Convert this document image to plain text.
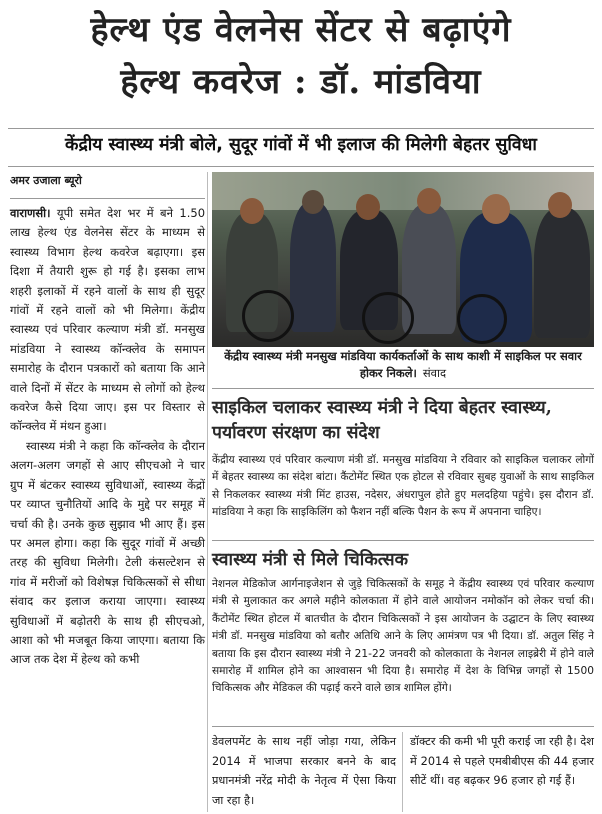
हेल्थ एंड वेलनेस सेंटर से बढ़ाएंगे
हेल्थ कवरेज : डॉ. मांडविया
केंद्रीय स्वास्थ्य मंत्री बोले, सुदूर गांवों में भी इलाज की मिलेगी बेहतर सुविधा
अमर उजाला ब्यूरो

वाराणसी। यूपी समेत देश भर में बने 1.50 लाख हेल्थ एंड वेलनेस सेंटर के माध्यम से स्वास्थ्य विभाग हेल्थ कवरेज बढ़ाएगा। इस दिशा में तैयारी शुरू हो गई है। इसका लाभ शहरी इलाकों में रहने वालों के साथ ही सुदूर गांवों में रहने वालों को भी मिलेगा। केंद्रीय स्वास्थ्य एवं परिवार कल्याण मंत्री डॉ. मनसुख मांडविया ने स्वास्थ्य कॉन्क्लेव के समापन समारोह के दौरान पत्रकारों को बताया कि आने वाले दिनों में सेंटर के माध्यम से लोगों को हेल्थ कवरेज कैसे दिया जाए। इस पर विस्तार से कॉन्क्लेव में मंथन हुआ।

स्वास्थ्य मंत्री ने कहा कि कॉन्क्लेव के दौरान अलग-अलग जगहों से आए सीएचओ ने चार ग्रुप में बंटकर स्वास्थ्य सुविधाओं, स्वास्थ्य केंद्रों पर व्याप्त चुनौतियों आदि के मुद्दे पर समूह में चर्चा की है। उनके कुछ सुझाव भी आए हैं। इस पर अमल होगा। कहा कि सुदूर गांवों में अच्छी तरह की सुविधा मिलेगी। टेली कंसल्टेशन से गांव में मरीजों को विशेषज्ञ चिकित्सकों से सीधा संवाद कर इलाज कराया जाएगा। स्वास्थ्य सुविधाओं में बढ़ोतरी के साथ ही सीएचओ, आशा को भी मजबूत किया जाएगा। बताया कि आज तक देश में हेल्थ को कभी

केंद्रीय स्वास्थ्य मंत्री मनसुख मांडविया कार्यकर्ताओं के साथ काशी में साइकिल पर सवार होकर निकले। संवाद
साइकिल चलाकर स्वास्थ्य मंत्री ने दिया बेहतर स्वास्थ्य, पर्यावरण संरक्षण का संदेश
केंद्रीय स्वास्थ्य एवं परिवार कल्याण मंत्री डॉ. मनसुख मांडविया ने रविवार को साइकिल चलाकर लोगों में बेहतर स्वास्थ्य का संदेश बांटा। कैंटोमेंट स्थित एक होटल से रविवार सुबह युवाओं के साथ साइकिल से निकलकर स्वास्थ्य मंत्री मिंट हाउस, नदेसर, अंधरापुल होते हुए मलदहिया पहुंचे। इस दौरान डॉ. मांडविया ने कहा कि साइकिलिंग को फैशन नहीं बल्कि पैशन के रूप में अपनाना चाहिए।
स्वास्थ्य मंत्री से मिले चिकित्सक
नेशनल मेडिकोज आर्गनाइजेशन से जुड़े चिकित्सकों के समूह ने केंद्रीय स्वास्थ्य एवं परिवार कल्याण मंत्री से मुलाकात कर अगले महीने कोलकाता में होने वाले आयोजन नमोकॉन को लेकर चर्चा की। कैंटोमेंट स्थित होटल में बातचीत के दौरान चिकित्सकों ने इस आयोजन के उद्घाटन के लिए स्वास्थ्य मंत्री डॉ. मनसुख मांडविया को बतौर अतिथि आने के लिए आमंत्रण पत्र भी दिया। डॉ. अतुल सिंह ने बताया कि इस दौरान स्वास्थ्य मंत्री ने 21-22 जनवरी को कोलकाता के नेशनल लाइब्रेरी में होने वाले समारोह में शामिल होने का आश्वासन भी दिया है। समारोह में देश के विभिन्न जगहों से 1500 चिकित्सक और मेडिकल की पढ़ाई करने वाले छात्र शामिल होंगे।
डेवलपमेंट के साथ नहीं जोड़ा गया, लेकिन 2014 में भाजपा सरकार बनने के बाद प्रधानमंत्री नरेंद्र मोदी के नेतृत्व में ऐसा किया जा रहा है।
डॉक्टर की कमी भी पूरी कराई जा रही है। देश में 2014 से पहले एमबीबीएस की 44 हजार सीटें थीं। वह बढ़कर 96 हजार हो गई हैं।
